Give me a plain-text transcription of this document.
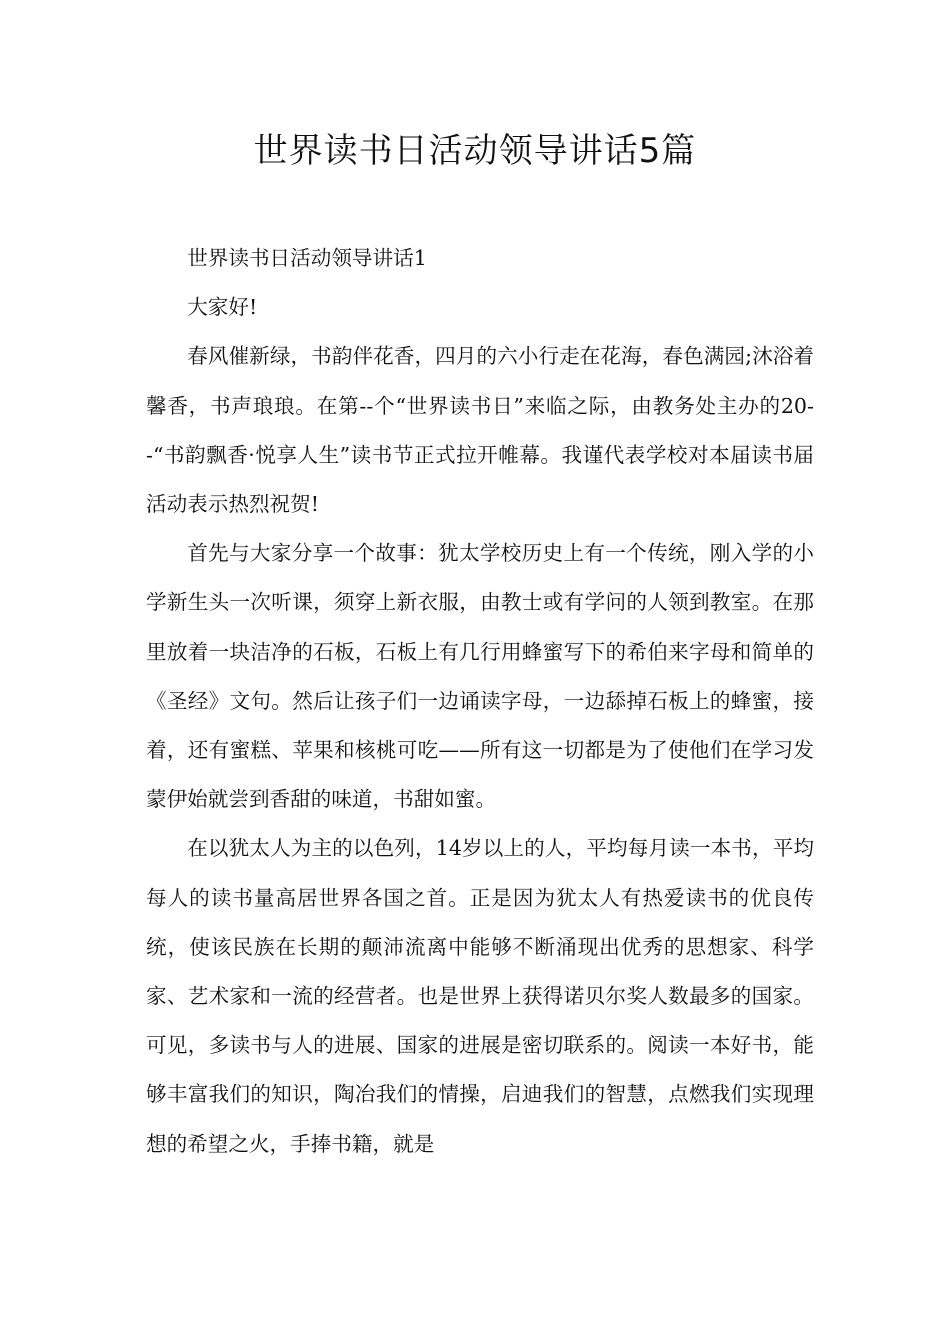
世界读书日活动领导讲话5篇

世界读书日活动领导讲话1

大家好!

春风催新绿，书韵伴花香，四月的六小行走在花海，春色满园;沐浴着馨香，书声琅琅。在第--个“世界读书日”来临之际，由教务处主办的20--“书韵飘香·悦享人生”读书节正式拉开帷幕。我谨代表学校对本届读书届活动表示热烈祝贺!

首先与大家分享一个故事：犹太学校历史上有一个传统，刚入学的小学新生头一次听课，须穿上新衣服，由教士或有学问的人领到教室。在那里放着一块洁净的石板，石板上有几行用蜂蜜写下的希伯来字母和简单的《圣经》文句。然后让孩子们一边诵读字母，一边舔掉石板上的蜂蜜，接着，还有蜜糕、苹果和核桃可吃——所有这一切都是为了使他们在学习发蒙伊始就尝到香甜的味道，书甜如蜜。

在以犹太人为主的以色列，14岁以上的人，平均每月读一本书，平均每人的读书量高居世界各国之首。正是因为犹太人有热爱读书的优良传统，使该民族在长期的颠沛流离中能够不断涌现出优秀的思想家、科学家、艺术家和一流的经营者。也是世界上获得诺贝尔奖人数最多的国家。可见，多读书与人的进展、国家的进展是密切联系的。阅读一本好书，能够丰富我们的知识，陶冶我们的情操，启迪我们的智慧，点燃我们实现理想的希望之火，手捧书籍，就是
